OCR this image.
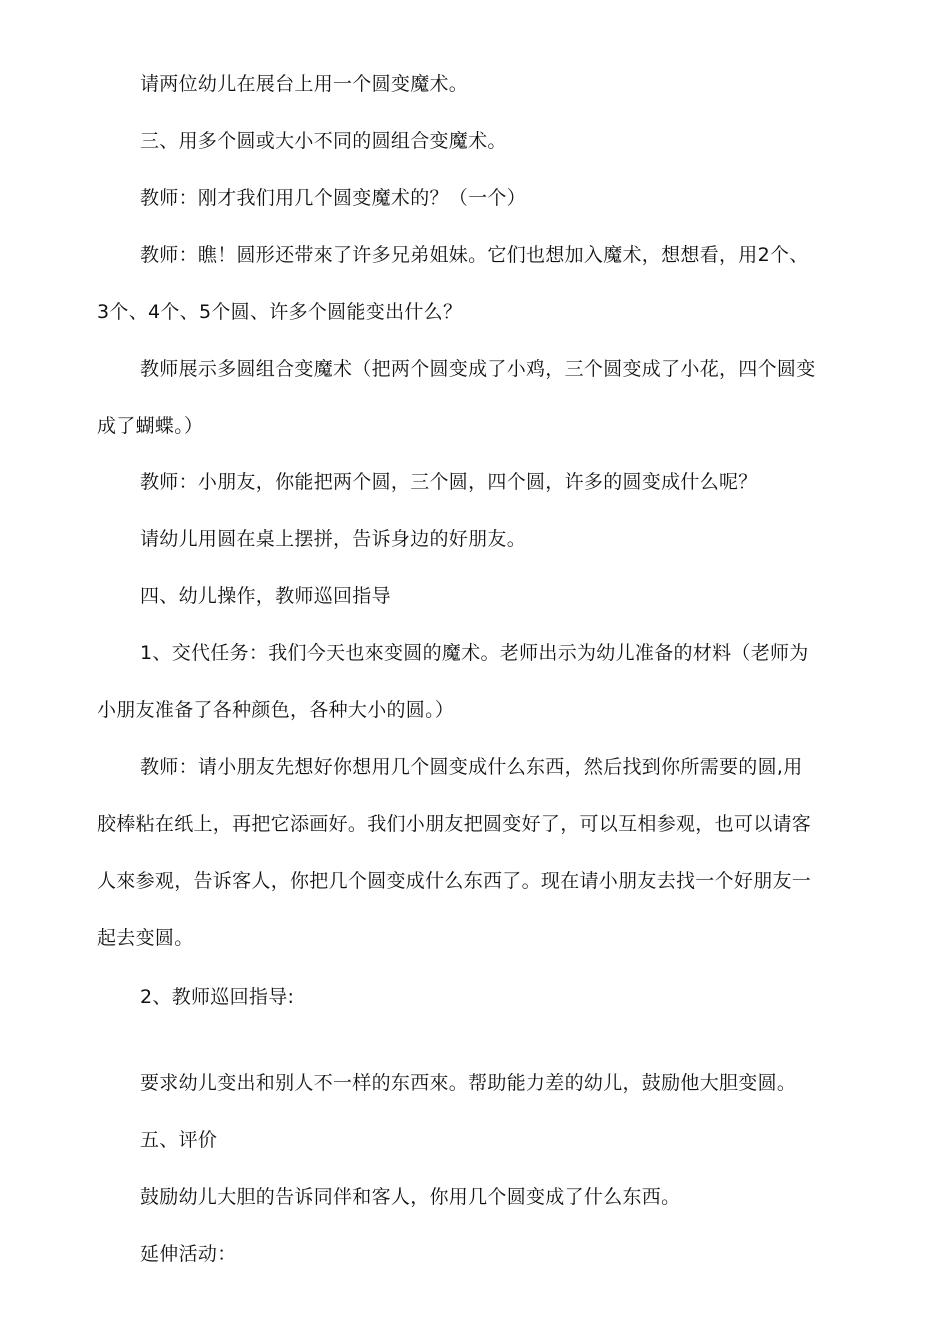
请两位幼儿在展台上用一个圆变魔术。
三、用多个圆或大小不同的圆组合变魔术。
教师：刚才我们用几个圆变魔术的？（一个）
教师：瞧！圆形还带來了许多兄弟姐妹。它们也想加入魔术，想想看，用2个、
3个、4个、5个圆、许多个圆能变出什么？
教师展示多圆组合变魔术（把两个圆变成了小鸡，三个圆变成了小花，四个圆变
成了蝴蝶。）
教师：小朋友，你能把两个圆，三个圆，四个圆，许多的圆变成什么呢？
请幼儿用圆在桌上摆拼，告诉身边的好朋友。
四、幼儿操作，教师巡回指导
1、交代任务：我们今天也來变圆的魔术。老师出示为幼儿准备的材料（老师为
小朋友准备了各种颜色，各种大小的圆。）
教师：请小朋友先想好你想用几个圆变成什么东西，然后找到你所需要的圆,用
胶棒粘在纸上，再把它添画好。我们小朋友把圆变好了，可以互相参观，也可以请客
人來参观，告诉客人，你把几个圆变成什么东西了。现在请小朋友去找一个好朋友一
起去变圆。
2、教师巡回指导:
要求幼儿变出和别人不一样的东西來。帮助能力差的幼儿，鼓励他大胆变圆。
五、评价
鼓励幼儿大胆的告诉同伴和客人，你用几个圆变成了什么东西。
延伸活动：
